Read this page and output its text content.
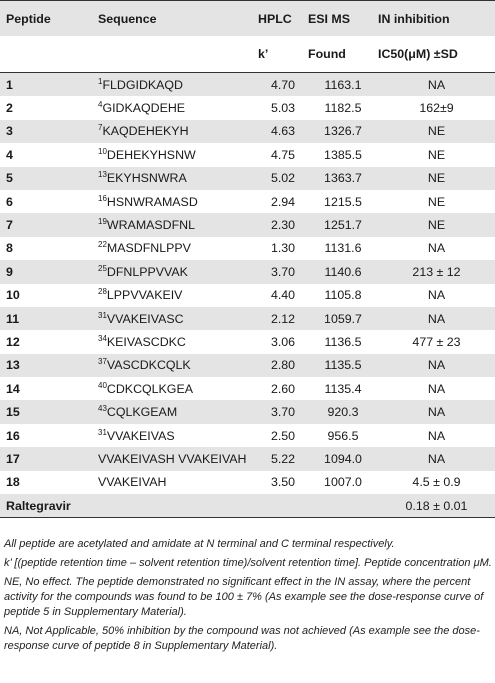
Peptide	Sequence	HPLC	ESI MS	IN inhibition
		k’	Found	IC50(μM) ±SD
1	$^1$FLDGIDKAQD	4.70	1163.1	NA
2	$^4$GIDKAQDEHE	5.03	1182.5	162±9
3	$^7$KAQDEHEKYH	4.63	1326.7	NE
4	$^{10}$DEHEKYHSNW	4.75	1385.5	NE
5	$^{13}$EKYHSNWRA	5.02	1363.7	NE
6	$^{16}$HSNWRAMASD	2.94	1215.5	NE
7	$^{19}$WRAMASDFNL	2.30	1251.7	NE
8	$^{22}$MASDFNLPPV	1.30	1131.6	NA
9	$^{25}$DFNLPPVVAK	3.70	1140.6	213 ± 12
10	$^{28}$LPPVVAKEIV	4.40	1105.8	NA
11	$^{31}$VVAKEIVASC	2.12	1059.7	NA
12	$^{34}$KEIVASCDKC	3.06	1136.5	477 ± 23
13	$^{37}$VASCDKCQLK	2.80	1135.5	NA
14	$^{40}$CDKCQLKGEA	2.60	1135.4	NA
15	$^{43}$CQLKGEAM	3.70	920.3	NA
16	$^{31}$VVAKEIVAS	2.50	956.5	NA
17	VVAKEIVASH VVAKEIVAH	5.22	1094.0	NA
18	VVAKEIVAH	3.50	1007.0	4.5 ± 0.9
Raltegravir				0.18 ± 0.01

All peptide are acetylated and amidate at N terminal and C terminal respectively.

k’ [(peptide retention time – solvent retention time)/solvent retention time]. Peptide concentration μM.

NE, No effect. The peptide demonstrated no significant effect in the IN assay, where the percent activity for the compounds was found to be 100 ± 7% (As example see the dose-response curve of peptide 5 in Supplementary Material).

NA, Not Applicable, 50% inhibition by the compound was not achieved (As example see the dose-response curve of peptide 8 in Supplementary Material).
